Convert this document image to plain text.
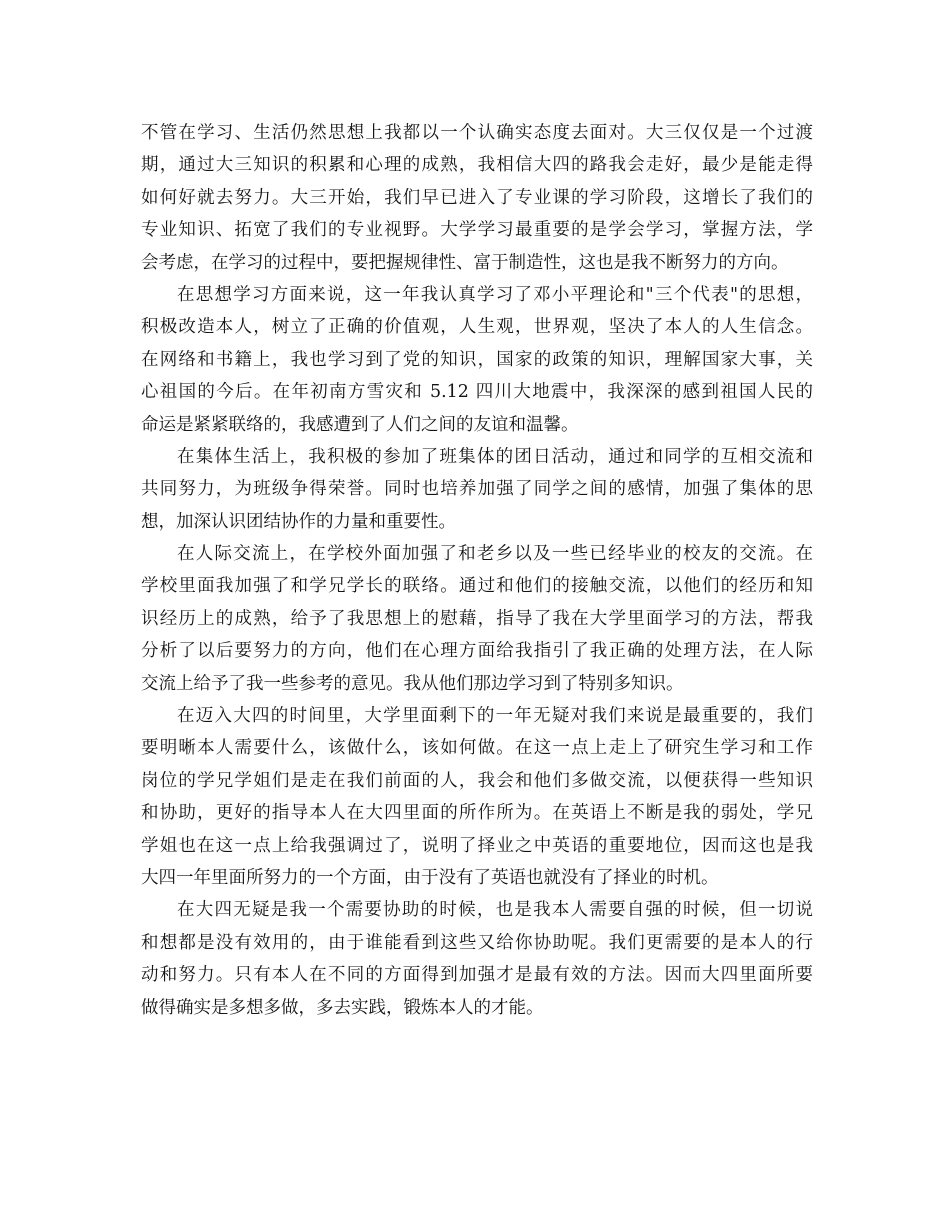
不管在学习、生活仍然思想上我都以一个认确实态度去面对。大三仅仅是一个过渡
期，通过大三知识的积累和心理的成熟，我相信大四的路我会走好，最少是能走得
如何好就去努力。大三开始，我们早已进入了专业课的学习阶段，这增长了我们的
专业知识、拓宽了我们的专业视野。大学学习最重要的是学会学习，掌握方法，学
会考虑，在学习的过程中，要把握规律性、富于制造性，这也是我不断努力的方向。
在思想学习方面来说，这一年我认真学习了邓小平理论和"三个代表"的思想，
积极改造本人，树立了正确的价值观，人生观，世界观，坚决了本人的人生信念。
在网络和书籍上，我也学习到了党的知识，国家的政策的知识，理解国家大事，关
心祖国的今后。在年初南方雪灾和 5.12 四川大地震中，我深深的感到祖国人民的
命运是紧紧联络的，我感遭到了人们之间的友谊和温馨。
在集体生活上，我积极的参加了班集体的团日活动，通过和同学的互相交流和
共同努力，为班级争得荣誉。同时也培养加强了同学之间的感情，加强了集体的思
想，加深认识团结协作的力量和重要性。
在人际交流上，在学校外面加强了和老乡以及一些已经毕业的校友的交流。在
学校里面我加强了和学兄学长的联络。通过和他们的接触交流，以他们的经历和知
识经历上的成熟，给予了我思想上的慰藉，指导了我在大学里面学习的方法，帮我
分析了以后要努力的方向，他们在心理方面给我指引了我正确的处理方法，在人际
交流上给予了我一些参考的意见。我从他们那边学习到了特别多知识。
在迈入大四的时间里，大学里面剩下的一年无疑对我们来说是最重要的，我们
要明晰本人需要什么，该做什么，该如何做。在这一点上走上了研究生学习和工作
岗位的学兄学姐们是走在我们前面的人，我会和他们多做交流，以便获得一些知识
和协助，更好的指导本人在大四里面的所作所为。在英语上不断是我的弱处，学兄
学姐也在这一点上给我强调过了，说明了择业之中英语的重要地位，因而这也是我
大四一年里面所努力的一个方面，由于没有了英语也就没有了择业的时机。
在大四无疑是我一个需要协助的时候，也是我本人需要自强的时候，但一切说
和想都是没有效用的，由于谁能看到这些又给你协助呢。我们更需要的是本人的行
动和努力。只有本人在不同的方面得到加强才是最有效的方法。因而大四里面所要
做得确实是多想多做，多去实践，锻炼本人的才能。
